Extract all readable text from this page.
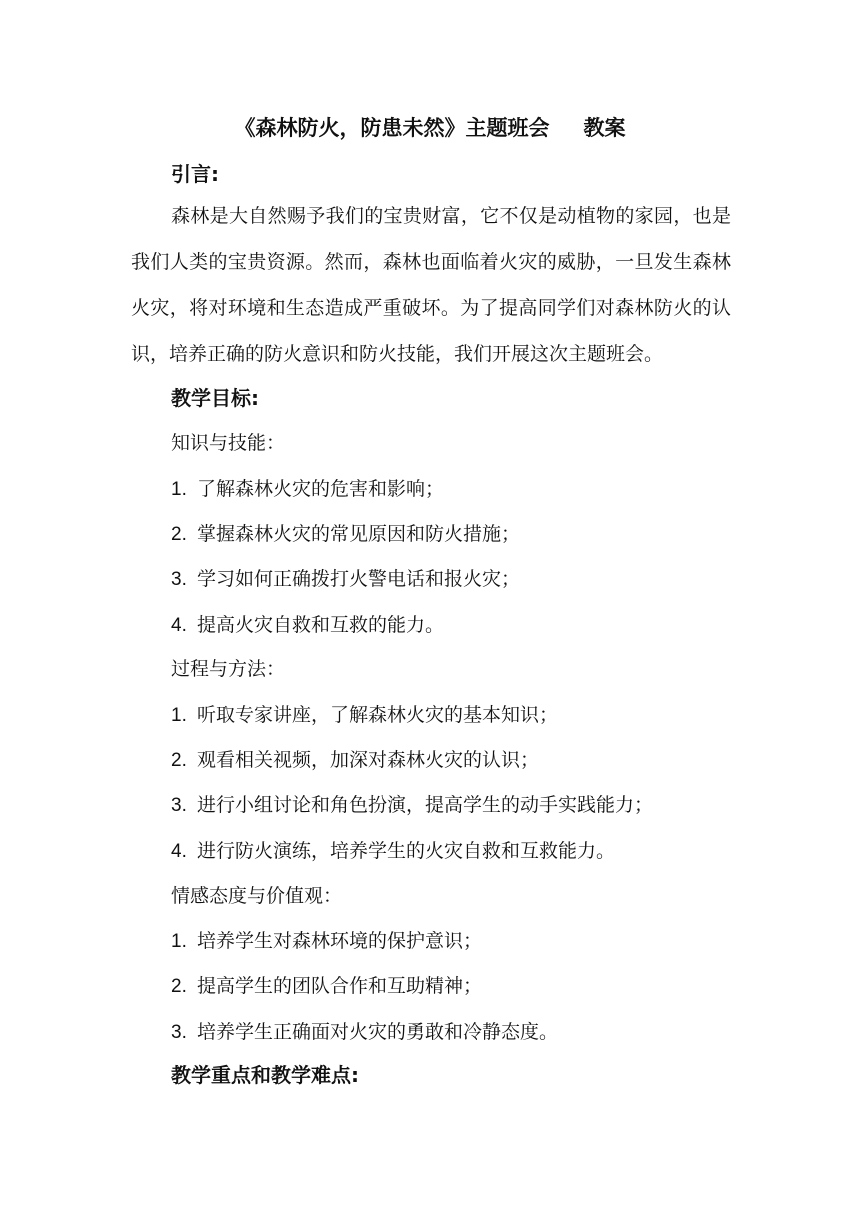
《森林防火，防患未然》主题班会 教案
引言:
森林是大自然赐予我们的宝贵财富，它不仅是动植物的家园，也是我们人类的宝贵资源。然而，森林也面临着火灾的威胁，一旦发生森林火灾，将对环境和生态造成严重破坏。为了提高同学们对森林防火的认识，培养正确的防火意识和防火技能，我们开展这次主题班会。
教学目标:
知识与技能：
1. 了解森林火灾的危害和影响；
2. 掌握森林火灾的常见原因和防火措施；
3. 学习如何正确拨打火警电话和报火灾；
4. 提高火灾自救和互救的能力。
过程与方法：
1. 听取专家讲座，了解森林火灾的基本知识；
2. 观看相关视频，加深对森林火灾的认识；
3. 进行小组讨论和角色扮演，提高学生的动手实践能力；
4. 进行防火演练，培养学生的火灾自救和互救能力。
情感态度与价值观：
1. 培养学生对森林环境的保护意识；
2. 提高学生的团队合作和互助精神；
3. 培养学生正确面对火灾的勇敢和冷静态度。
教学重点和教学难点:
